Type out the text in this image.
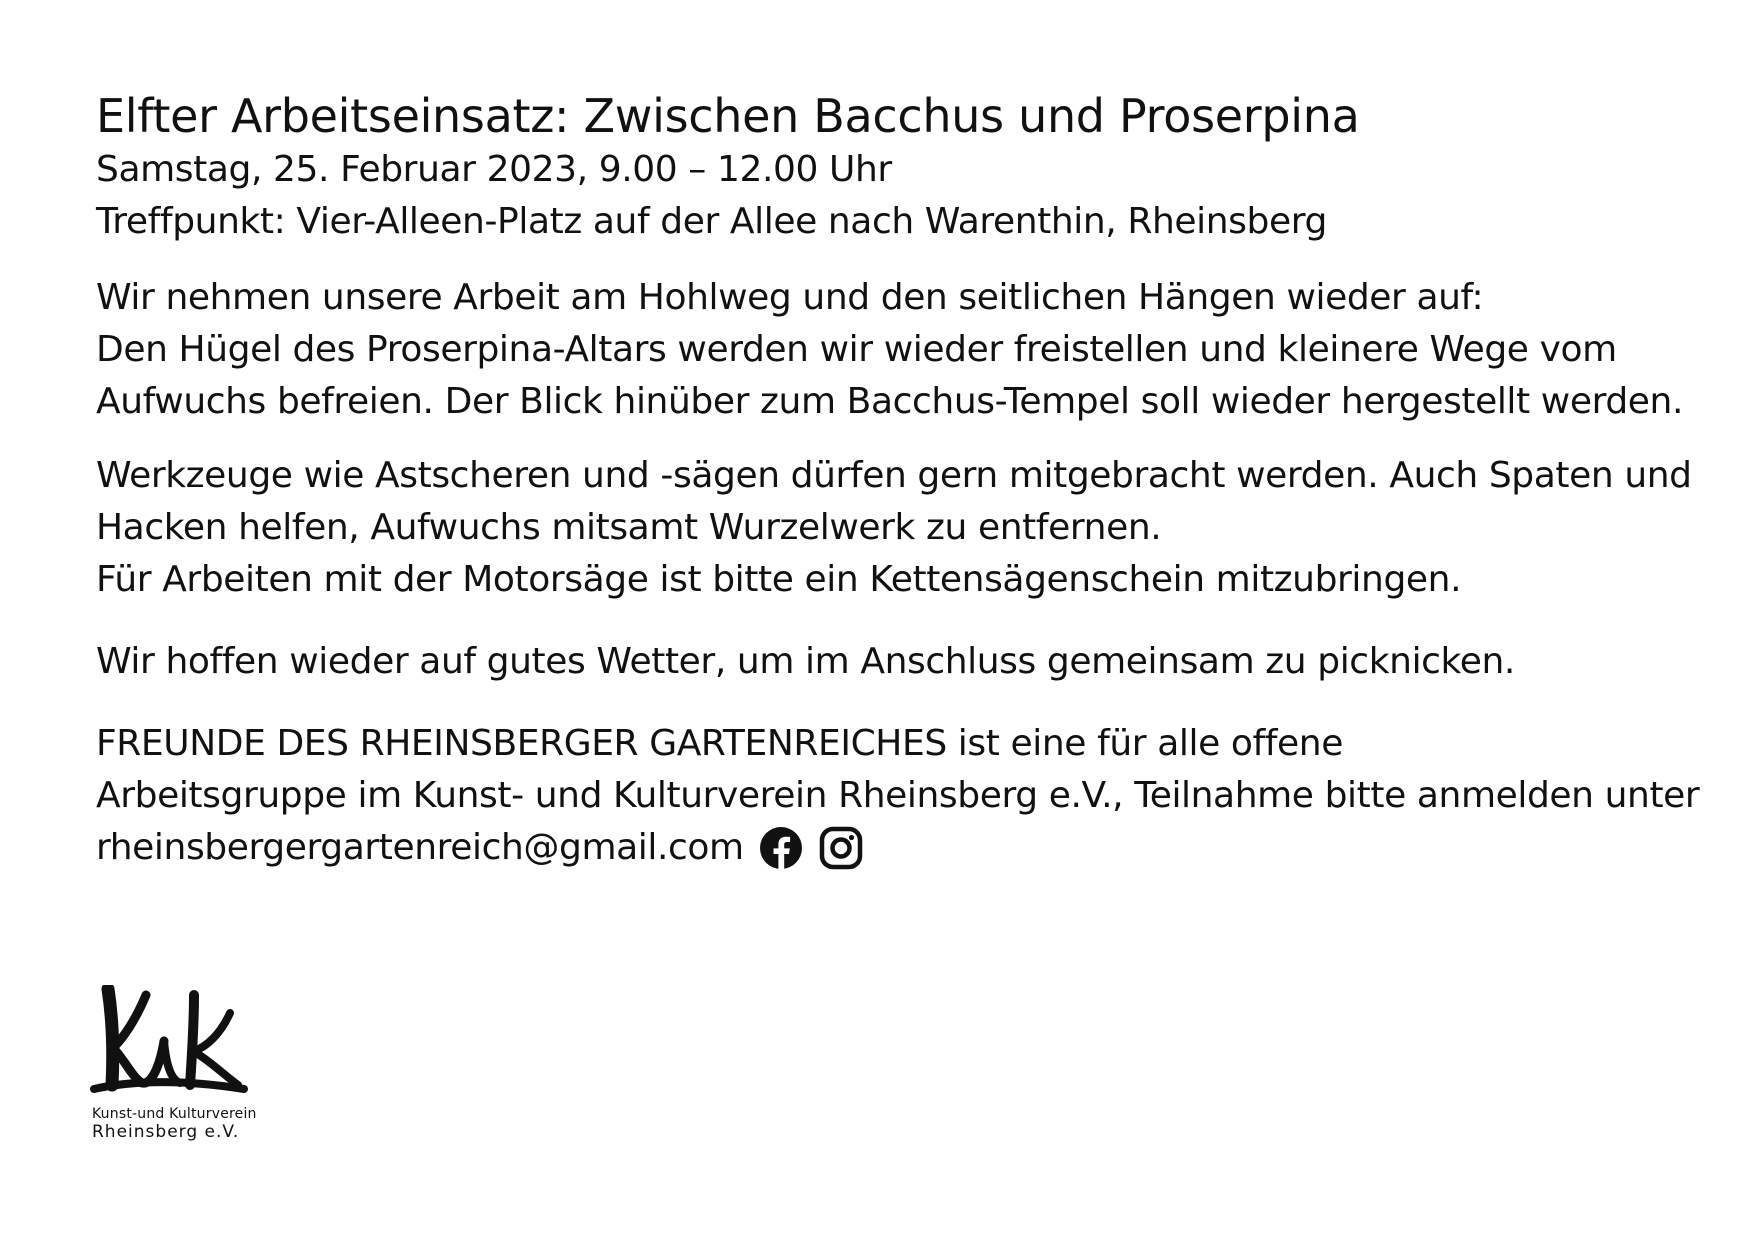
Elfter Arbeitseinsatz: Zwischen Bacchus und Proserpina

Samstag, 25. Februar 2023, 9.00 – 12.00 Uhr

Treffpunkt: Vier-Alleen-Platz auf der Allee nach Warenthin, Rheinsberg

Wir nehmen unsere Arbeit am Hohlweg und den seitlichen Hängen wieder auf:

Den Hügel des Proserpina-Altars werden wir wieder freistellen und kleinere Wege vom

Aufwuchs befreien. Der Blick hinüber zum Bacchus-Tempel soll wieder hergestellt werden.

Werkzeuge wie Astscheren und -sägen dürfen gern mitgebracht werden. Auch Spaten und

Hacken helfen, Aufwuchs mitsamt Wurzelwerk zu entfernen.

Für Arbeiten mit der Motorsäge ist bitte ein Kettensägenschein mitzubringen.

Wir hoffen wieder auf gutes Wetter, um im Anschluss gemeinsam zu picknicken.

FREUNDE DES RHEINSBERGER GARTENREICHES ist eine für alle offene

Arbeitsgruppe im Kunst- und Kulturverein Rheinsberg e.V., Teilnahme bitte anmelden unter

rheinsbergergartenreich@gmail.com

Kunst-und Kulturverein

Rheinsberg e.V.
